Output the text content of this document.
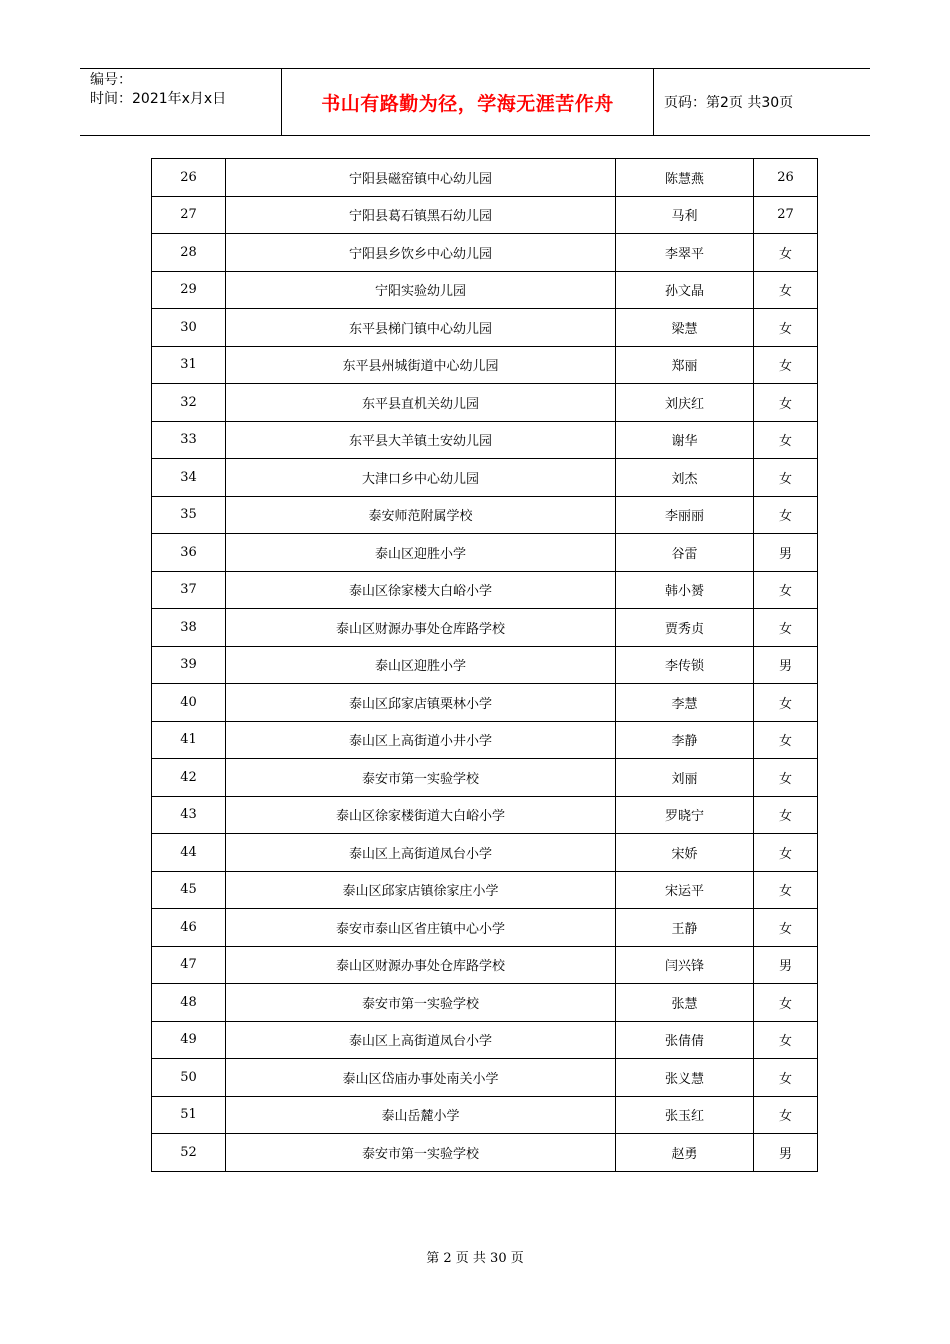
编号：
时间：2021年x月x日	书山有路勤为径，学海无涯苦作舟	页码：第2页 共30页
26	宁阳县磁窑镇中心幼儿园	陈慧燕	26
27	宁阳县葛石镇黑石幼儿园	马利	27
28	宁阳县乡饮乡中心幼儿园	李翠平	女
29	宁阳实验幼儿园	孙文晶	女
30	东平县梯门镇中心幼儿园	梁慧	女
31	东平县州城街道中心幼儿园	郑丽	女
32	东平县直机关幼儿园	刘庆红	女
33	东平县大羊镇土安幼儿园	谢华	女
34	大津口乡中心幼儿园	刘杰	女
35	泰安师范附属学校	李丽丽	女
36	泰山区迎胜小学	谷雷	男
37	泰山区徐家楼大白峪小学	韩小赟	女
38	泰山区财源办事处仓库路学校	贾秀贞	女
39	泰山区迎胜小学	李传锁	男
40	泰山区邱家店镇栗林小学	李慧	女
41	泰山区上高街道小井小学	李静	女
42	泰安市第一实验学校	刘丽	女
43	泰山区徐家楼街道大白峪小学	罗晓宁	女
44	泰山区上高街道凤台小学	宋娇	女
45	泰山区邱家店镇徐家庄小学	宋运平	女
46	泰安市泰山区省庄镇中心小学	王静	女
47	泰山区财源办事处仓库路学校	闫兴锋	男
48	泰安市第一实验学校	张慧	女
49	泰山区上高街道凤台小学	张倩倩	女
50	泰山区岱庙办事处南关小学	张义慧	女
51	泰山岳麓小学	张玉红	女
52	泰安市第一实验学校	赵勇	男
第 2 页 共 30 页
